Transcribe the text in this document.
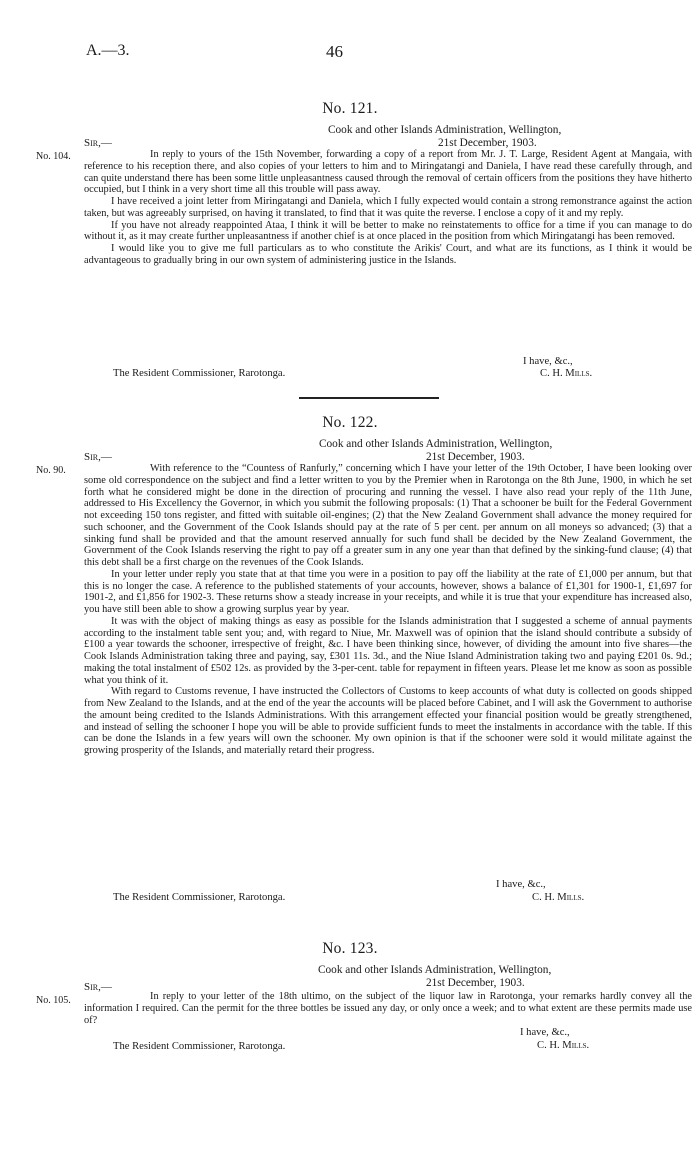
A.—3.	46
No. 121.
Cook and other Islands Administration, Wellington,
21st December, 1903.
Sir,—
No. 104.	In reply to yours of the 15th November, forwarding a copy of a report from Mr. J. T. Large, Resident Agent at Mangaia, with reference to his reception there, and also copies of your letters to him and to Miringatangi and Daniela, I have read these carefully through, and can quite understand there has been some little unpleasantness caused through the removal of certain officers from the positions they have hitherto occupied, but I think in a very short time all this trouble will pass away.

I have received a joint letter from Miringatangi and Daniela, which I fully expected would contain a strong remonstrance against the action taken, but was agreeably surprised, on having it translated, to find that it was quite the reverse. I enclose a copy of it and my reply.

If you have not already reappointed Ataa, I think it will be better to make no reinstatements to office for a time if you can manage to do without it, as it may create further unpleasantness if another chief is at once placed in the position from which Miringatangi has been removed.

I would like you to give me full particulars as to who constitute the Arikis' Court, and what are its functions, as I think it would be advantageous to gradually bring in our own system of administering justice in the Islands.

I have, &c.,
The Resident Commissioner, Rarotonga.	C. H. Mills.
No. 122.
Cook and other Islands Administration, Wellington,
21st December, 1903.
Sir,—
No. 90.	With reference to the “Countess of Ranfurly,” concerning which I have your letter of the 19th October, I have been looking over some old correspondence on the subject and find a letter written to you by the Premier when in Rarotonga on the 8th June, 1900, in which he set forth what he considered might be done in the direction of procuring and running the vessel. I have also read your reply of the 11th June, addressed to His Excellency the Governor, in which you submit the following proposals: (1) That a schooner be built for the Federal Government not exceeding 150 tons register, and fitted with suitable oil-engines; (2) that the New Zealand Government shall advance the money required for such schooner, and the Government of the Cook Islands should pay at the rate of 5 per cent. per annum on all moneys so advanced; (3) that a sinking fund shall be provided and that the amount reserved annually for such fund shall be decided by the New Zealand Government, the Government of the Cook Islands reserving the right to pay off a greater sum in any one year than that defined by the sinking-fund clause; (4) that this debt shall be a first charge on the revenues of the Cook Islands.

In your letter under reply you state that at that time you were in a position to pay off the liability at the rate of £1,000 per annum, but that this is no longer the case. A reference to the published statements of your accounts, however, shows a balance of £1,301 for 1900-1, £1,697 for 1901-2, and £1,856 for 1902-3. These returns show a steady increase in your receipts, and while it is true that your expenditure has increased also, you have still been able to show a growing surplus year by year.

It was with the object of making things as easy as possible for the Islands administration that I suggested a scheme of annual payments according to the instalment table sent you; and, with regard to Niue, Mr. Maxwell was of opinion that the island should contribute a subsidy of £100 a year towards the schooner, irrespective of freight, &c. I have been thinking since, however, of dividing the amount into five shares—the Cook Islands Administration taking three and paying, say, £301 11s. 3d., and the Niue Island Administration taking two and paying £201 0s. 9d.; making the total instalment of £502 12s. as provided by the 3-per-cent. table for repayment in fifteen years. Please let me know as soon as possible what you think of it.

With regard to Customs revenue, I have instructed the Collectors of Customs to keep accounts of what duty is collected on goods shipped from New Zealand to the Islands, and at the end of the year the accounts will be placed before Cabinet, and I will ask the Government to authorise the amount being credited to the Islands Administrations. With this arrangement effected your financial position would be greatly strengthened, and instead of selling the schooner I hope you will be able to provide sufficient funds to meet the instalments in accordance with the table. If this can be done the Islands in a few years will own the schooner. My own opinion is that if the schooner were sold it would militate against the growing prosperity of the Islands, and materially retard their progress.

I have, &c.,
The Resident Commissioner, Rarotonga.	C. H. Mills.
No. 123.
Cook and other Islands Administration, Wellington,
21st December, 1903.
Sir,—
No. 105.	In reply to your letter of the 18th ultimo, on the subject of the liquor law in Rarotonga, your remarks hardly convey all the information I required. Can the permit for the three bottles be issued any day, or only once a week; and to what extent are these permits made use of?

I have, &c.,
The Resident Commissioner, Rarotonga.	C. H. Mills.
